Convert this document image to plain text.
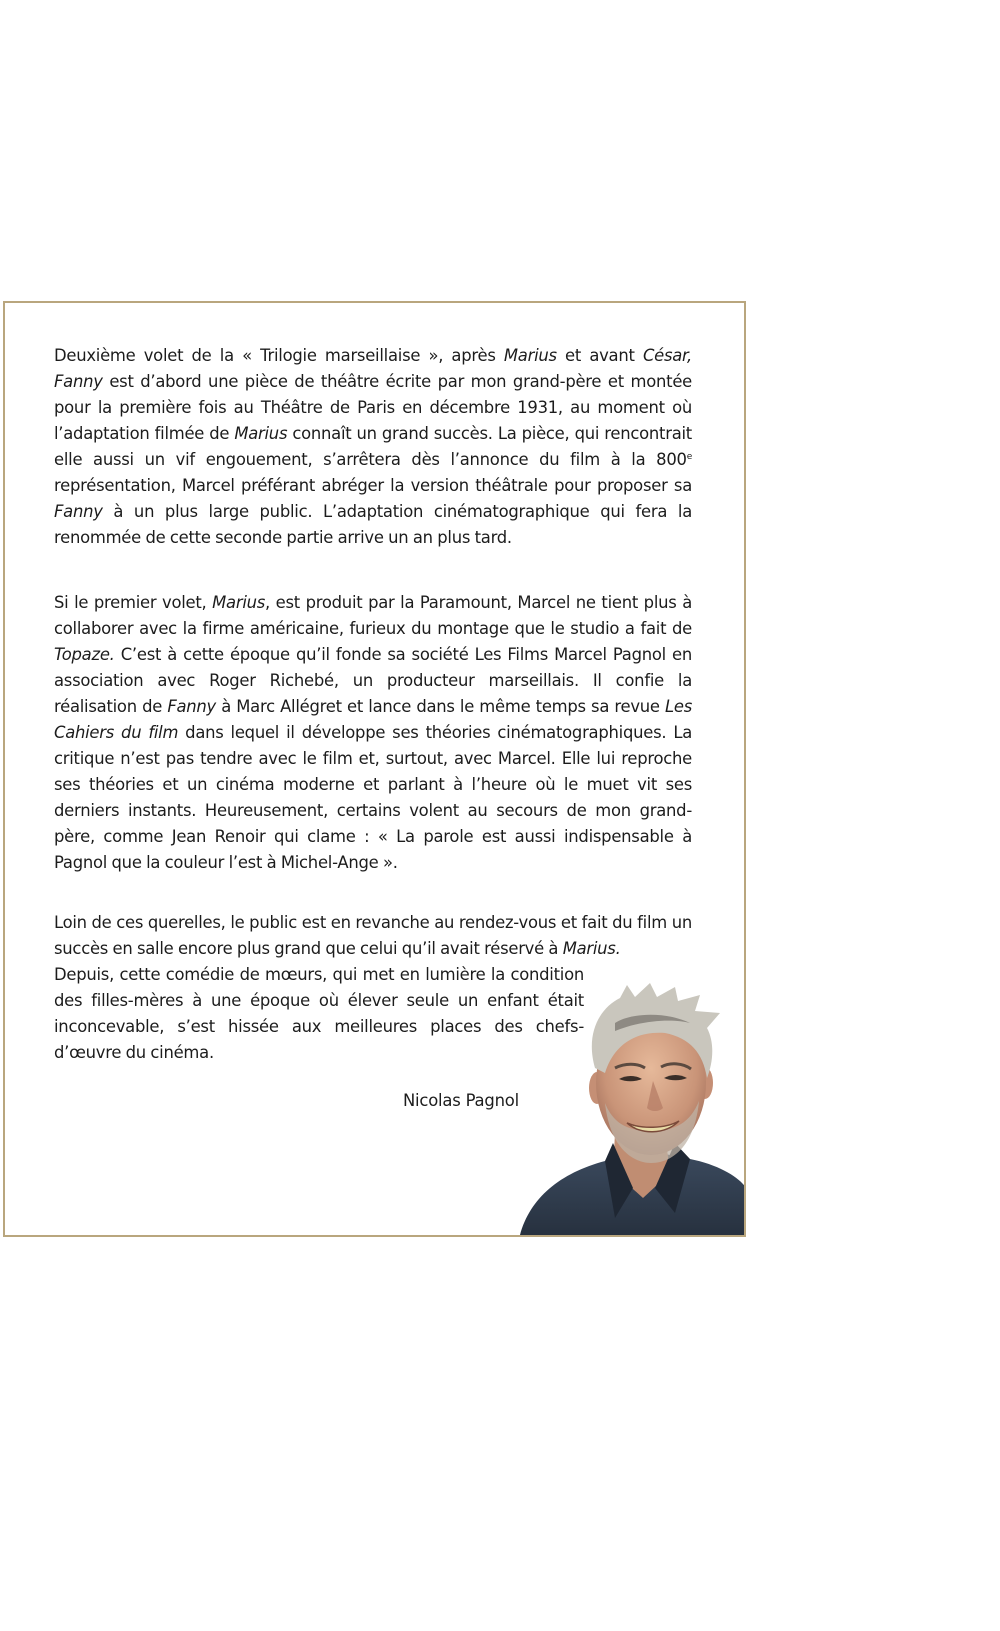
Deuxième volet de la « Trilogie marseillaise », après Marius et avant César, Fanny est d’abord une pièce de théâtre écrite par mon grand-père et montée pour la première fois au Théâtre de Paris en décembre 1931, au moment où l’adaptation filmée de Marius connaît un grand succès. La pièce, qui rencontrait elle aussi un vif engouement, s’arrêtera dès l’annonce du film à la 800e représentation, Marcel préférant abréger la version théâtrale pour proposer sa Fanny à un plus large public. L’adaptation cinématographique qui fera la renommée de cette seconde partie arrive un an plus tard.

Si le premier volet, Marius, est produit par la Paramount, Marcel ne tient plus à collaborer avec la firme américaine, furieux du montage que le studio a fait de Topaze. C’est à cette époque qu’il fonde sa société Les Films Marcel Pagnol en association avec Roger Richebé, un producteur marseillais. Il confie la réalisation de Fanny à Marc Allégret et lance dans le même temps sa revue Les Cahiers du film dans lequel il développe ses théories cinématographiques. La critique n’est pas tendre avec le film et, surtout, avec Marcel. Elle lui reproche ses théories et un cinéma moderne et parlant à l’heure où le muet vit ses derniers instants. Heureusement, certains volent au secours de mon grand-père, comme Jean Renoir qui clame : « La parole est aussi indispensable à Pagnol que la couleur l’est à Michel-Ange ».

Loin de ces querelles, le public est en revanche au rendez-vous et fait du film un succès en salle encore plus grand que celui qu’il avait réservé à Marius.

Depuis, cette comédie de mœurs, qui met en lumière la condition des filles-mères à une époque où élever seule un enfant était inconcevable, s’est hissée aux meilleures places des chefs-d’œuvre du cinéma.

Nicolas Pagnol
